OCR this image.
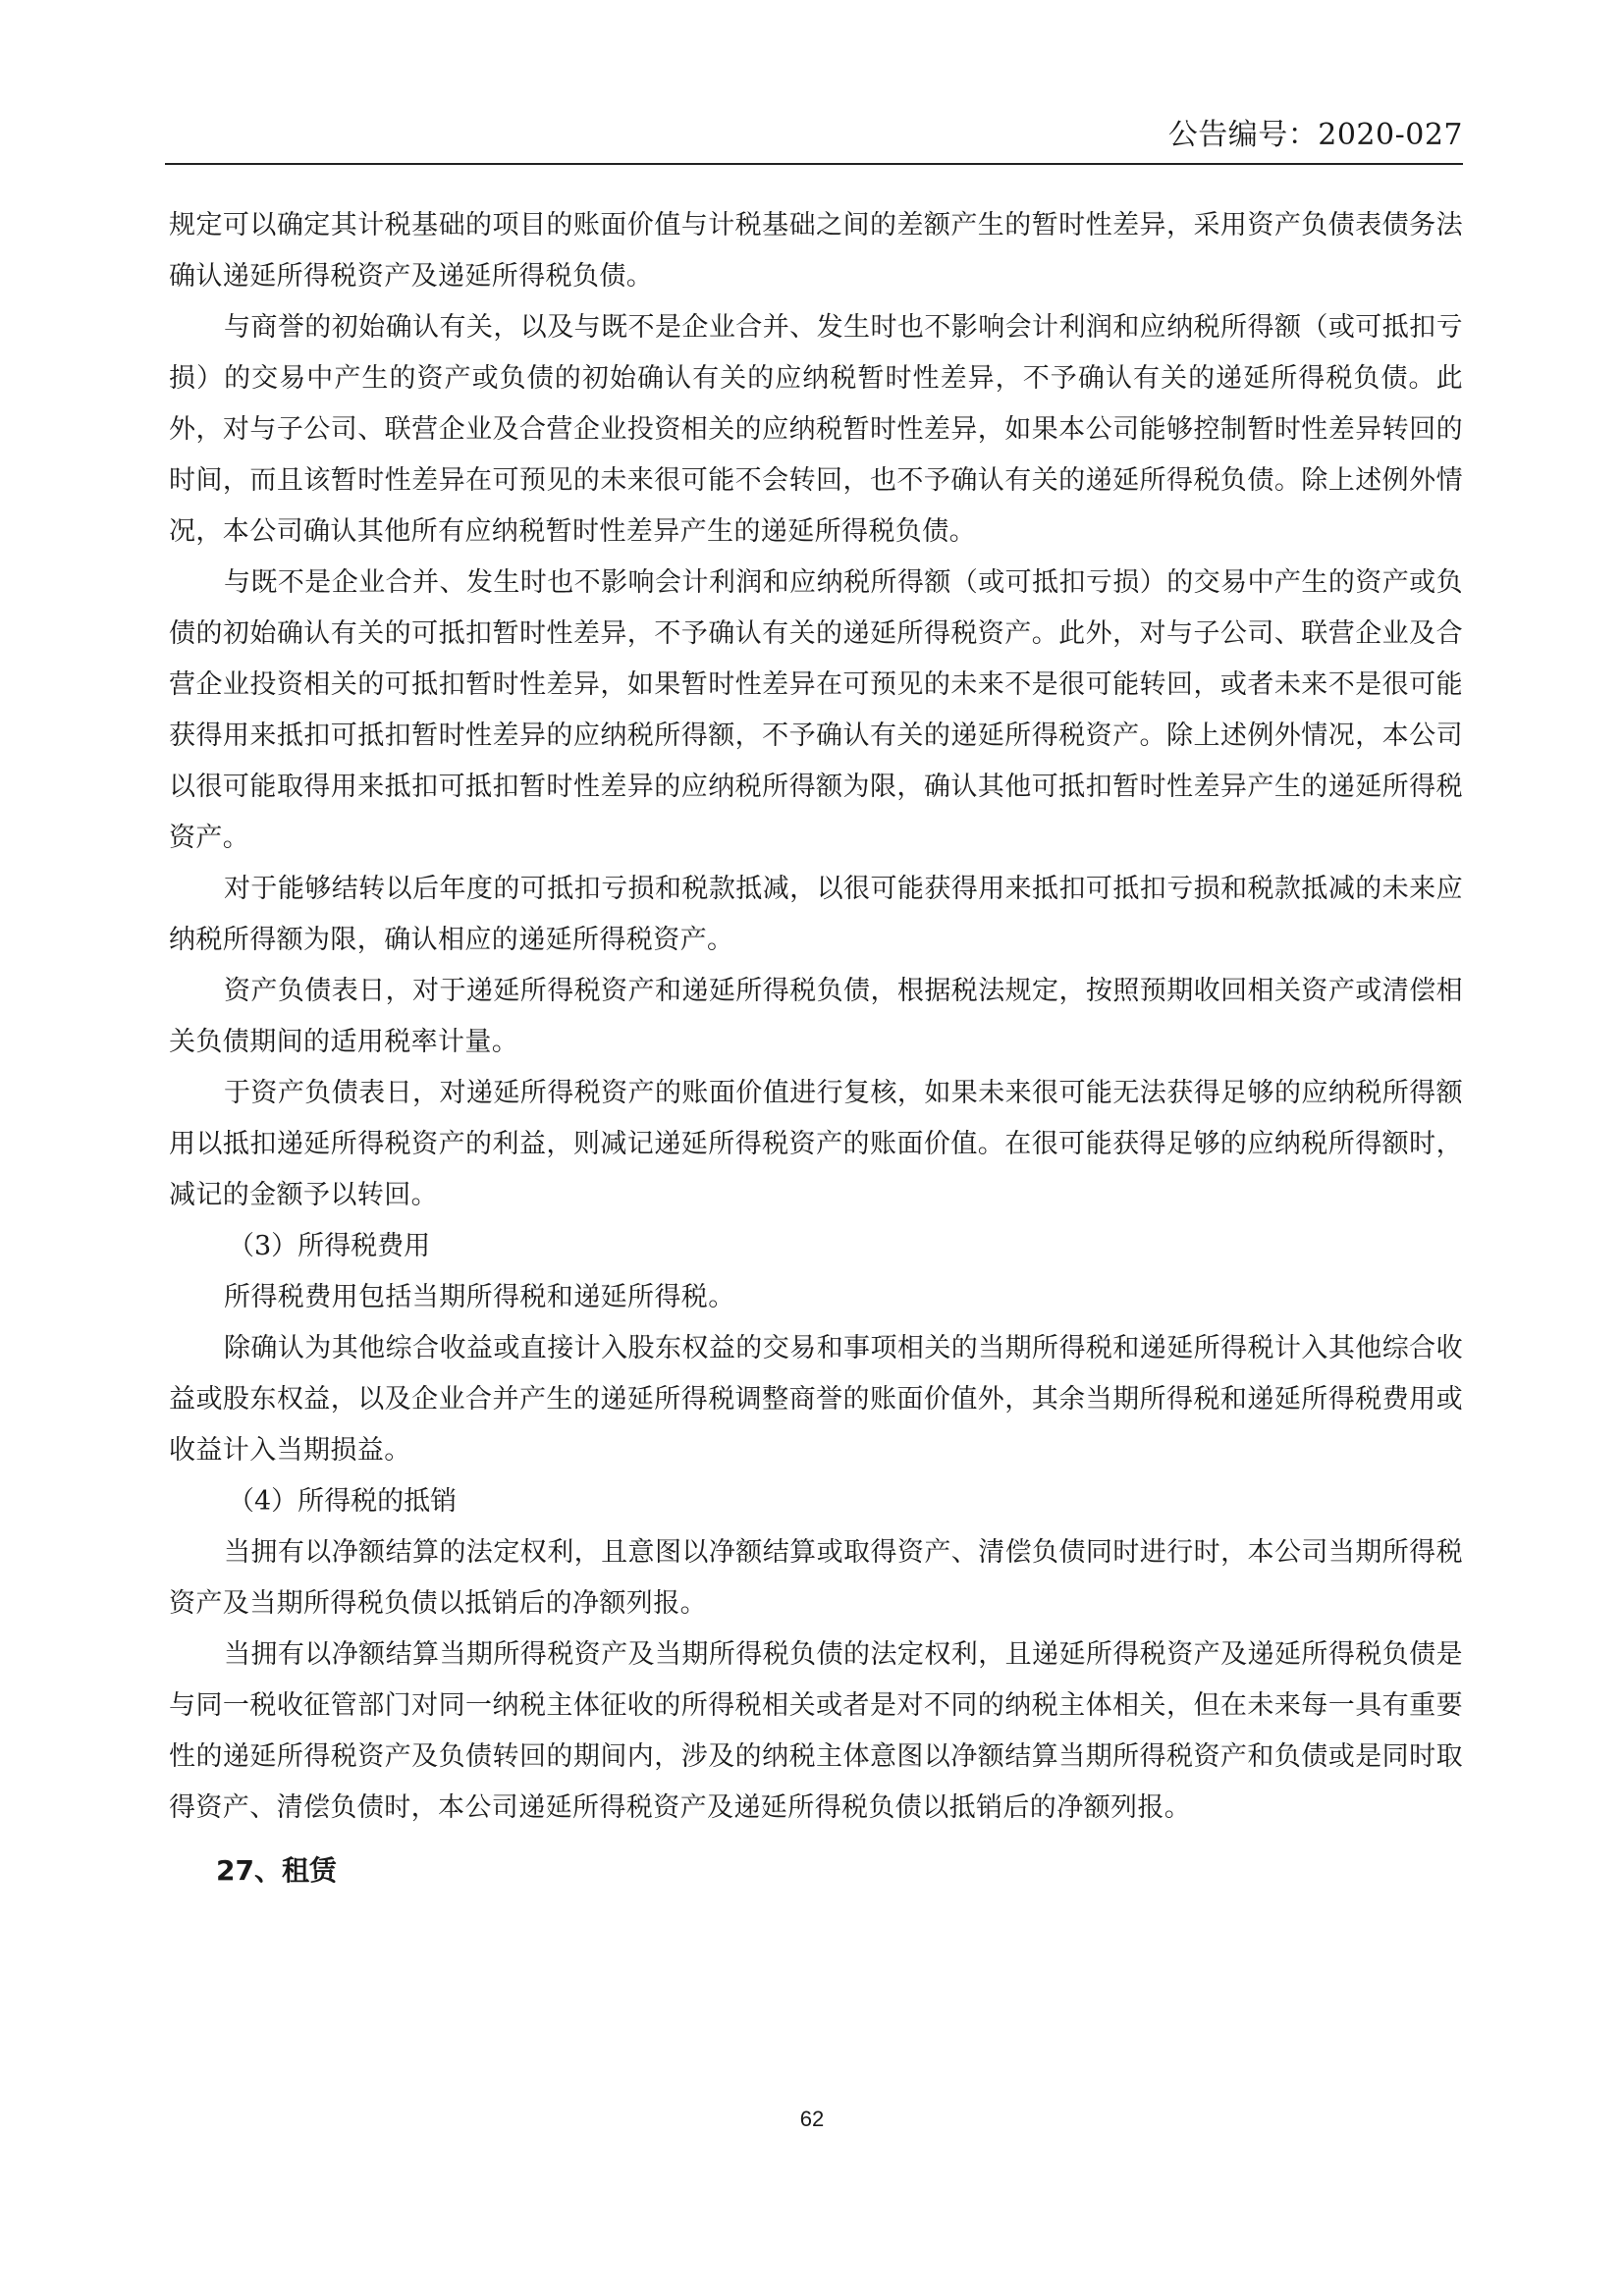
公告编号：2020-027

规定可以确定其计税基础的项目的账面价值与计税基础之间的差额产生的暂时性差异，采用资产负债表债务法确认递延所得税资产及递延所得税负债。

与商誉的初始确认有关，以及与既不是企业合并、发生时也不影响会计利润和应纳税所得额（或可抵扣亏损）的交易中产生的资产或负债的初始确认有关的应纳税暂时性差异，不予确认有关的递延所得税负债。此外，对与子公司、联营企业及合营企业投资相关的应纳税暂时性差异，如果本公司能够控制暂时性差异转回的时间，而且该暂时性差异在可预见的未来很可能不会转回，也不予确认有关的递延所得税负债。除上述例外情况，本公司确认其他所有应纳税暂时性差异产生的递延所得税负债。

与既不是企业合并、发生时也不影响会计利润和应纳税所得额（或可抵扣亏损）的交易中产生的资产或负债的初始确认有关的可抵扣暂时性差异，不予确认有关的递延所得税资产。此外，对与子公司、联营企业及合营企业投资相关的可抵扣暂时性差异，如果暂时性差异在可预见的未来不是很可能转回，或者未来不是很可能获得用来抵扣可抵扣暂时性差异的应纳税所得额，不予确认有关的递延所得税资产。除上述例外情况，本公司以很可能取得用来抵扣可抵扣暂时性差异的应纳税所得额为限，确认其他可抵扣暂时性差异产生的递延所得税资产。

对于能够结转以后年度的可抵扣亏损和税款抵减，以很可能获得用来抵扣可抵扣亏损和税款抵减的未来应纳税所得额为限，确认相应的递延所得税资产。

资产负债表日，对于递延所得税资产和递延所得税负债，根据税法规定，按照预期收回相关资产或清偿相关负债期间的适用税率计量。

于资产负债表日，对递延所得税资产的账面价值进行复核，如果未来很可能无法获得足够的应纳税所得额用以抵扣递延所得税资产的利益，则减记递延所得税资产的账面价值。在很可能获得足够的应纳税所得额时，减记的金额予以转回。

（3）所得税费用

所得税费用包括当期所得税和递延所得税。

除确认为其他综合收益或直接计入股东权益的交易和事项相关的当期所得税和递延所得税计入其他综合收益或股东权益，以及企业合并产生的递延所得税调整商誉的账面价值外，其余当期所得税和递延所得税费用或收益计入当期损益。

（4）所得税的抵销

当拥有以净额结算的法定权利，且意图以净额结算或取得资产、清偿负债同时进行时，本公司当期所得税资产及当期所得税负债以抵销后的净额列报。

当拥有以净额结算当期所得税资产及当期所得税负债的法定权利，且递延所得税资产及递延所得税负债是与同一税收征管部门对同一纳税主体征收的所得税相关或者是对不同的纳税主体相关，但在未来每一具有重要性的递延所得税资产及负债转回的期间内，涉及的纳税主体意图以净额结算当期所得税资产和负债或是同时取得资产、清偿负债时，本公司递延所得税资产及递延所得税负债以抵销后的净额列报。

27、租赁

62
